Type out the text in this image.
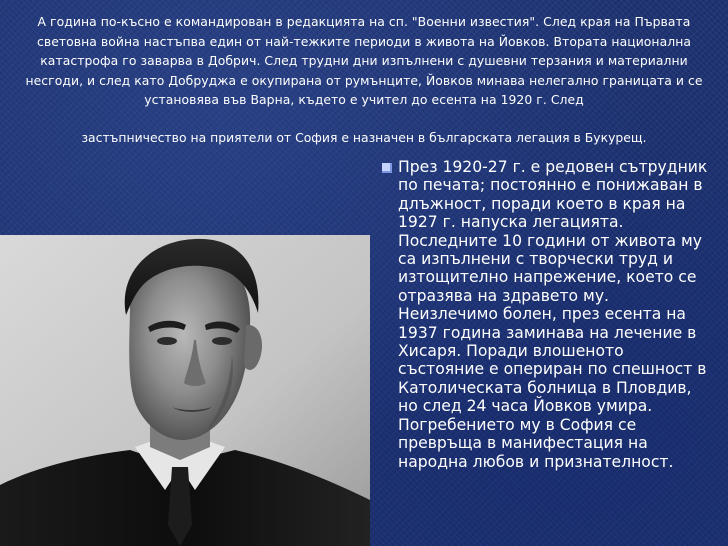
А година по-късно е командирован в редакцията на сп. "Военни известия". След края на Първата световна война настъпва един от най-тежките периоди в живота на Йовков. Втората национална катастрофа го заварва в Добрич. След трудни дни изпълнени с душевни терзания и материални несгоди, и след като Добруджа е окупирана от румънците, Йовков минава нелегално границата и се установява във Варна, където е учител до есента на 1920 г. След

застъпничество на приятели от София е назначен в българската легация в Букурещ.

През 1920-27 г. е редовен сътрудник по печата; постоянно е понижаван в длъжност, поради което в края на 1927 г. напуска легацията. Последните 10 години от живота му са изпълнени с творчески труд и изтощително напрежение, което се отразява на здравето му. Неизлечимо болен, през есента на 1937 година заминава на лечение в Хисаря. Поради влошеното състояние е опериран по спешност в Католическата болница в Пловдив, но след 24 часа Йовков умира. Погребението му в София се превръща в манифестация на народна любов и признателност.
